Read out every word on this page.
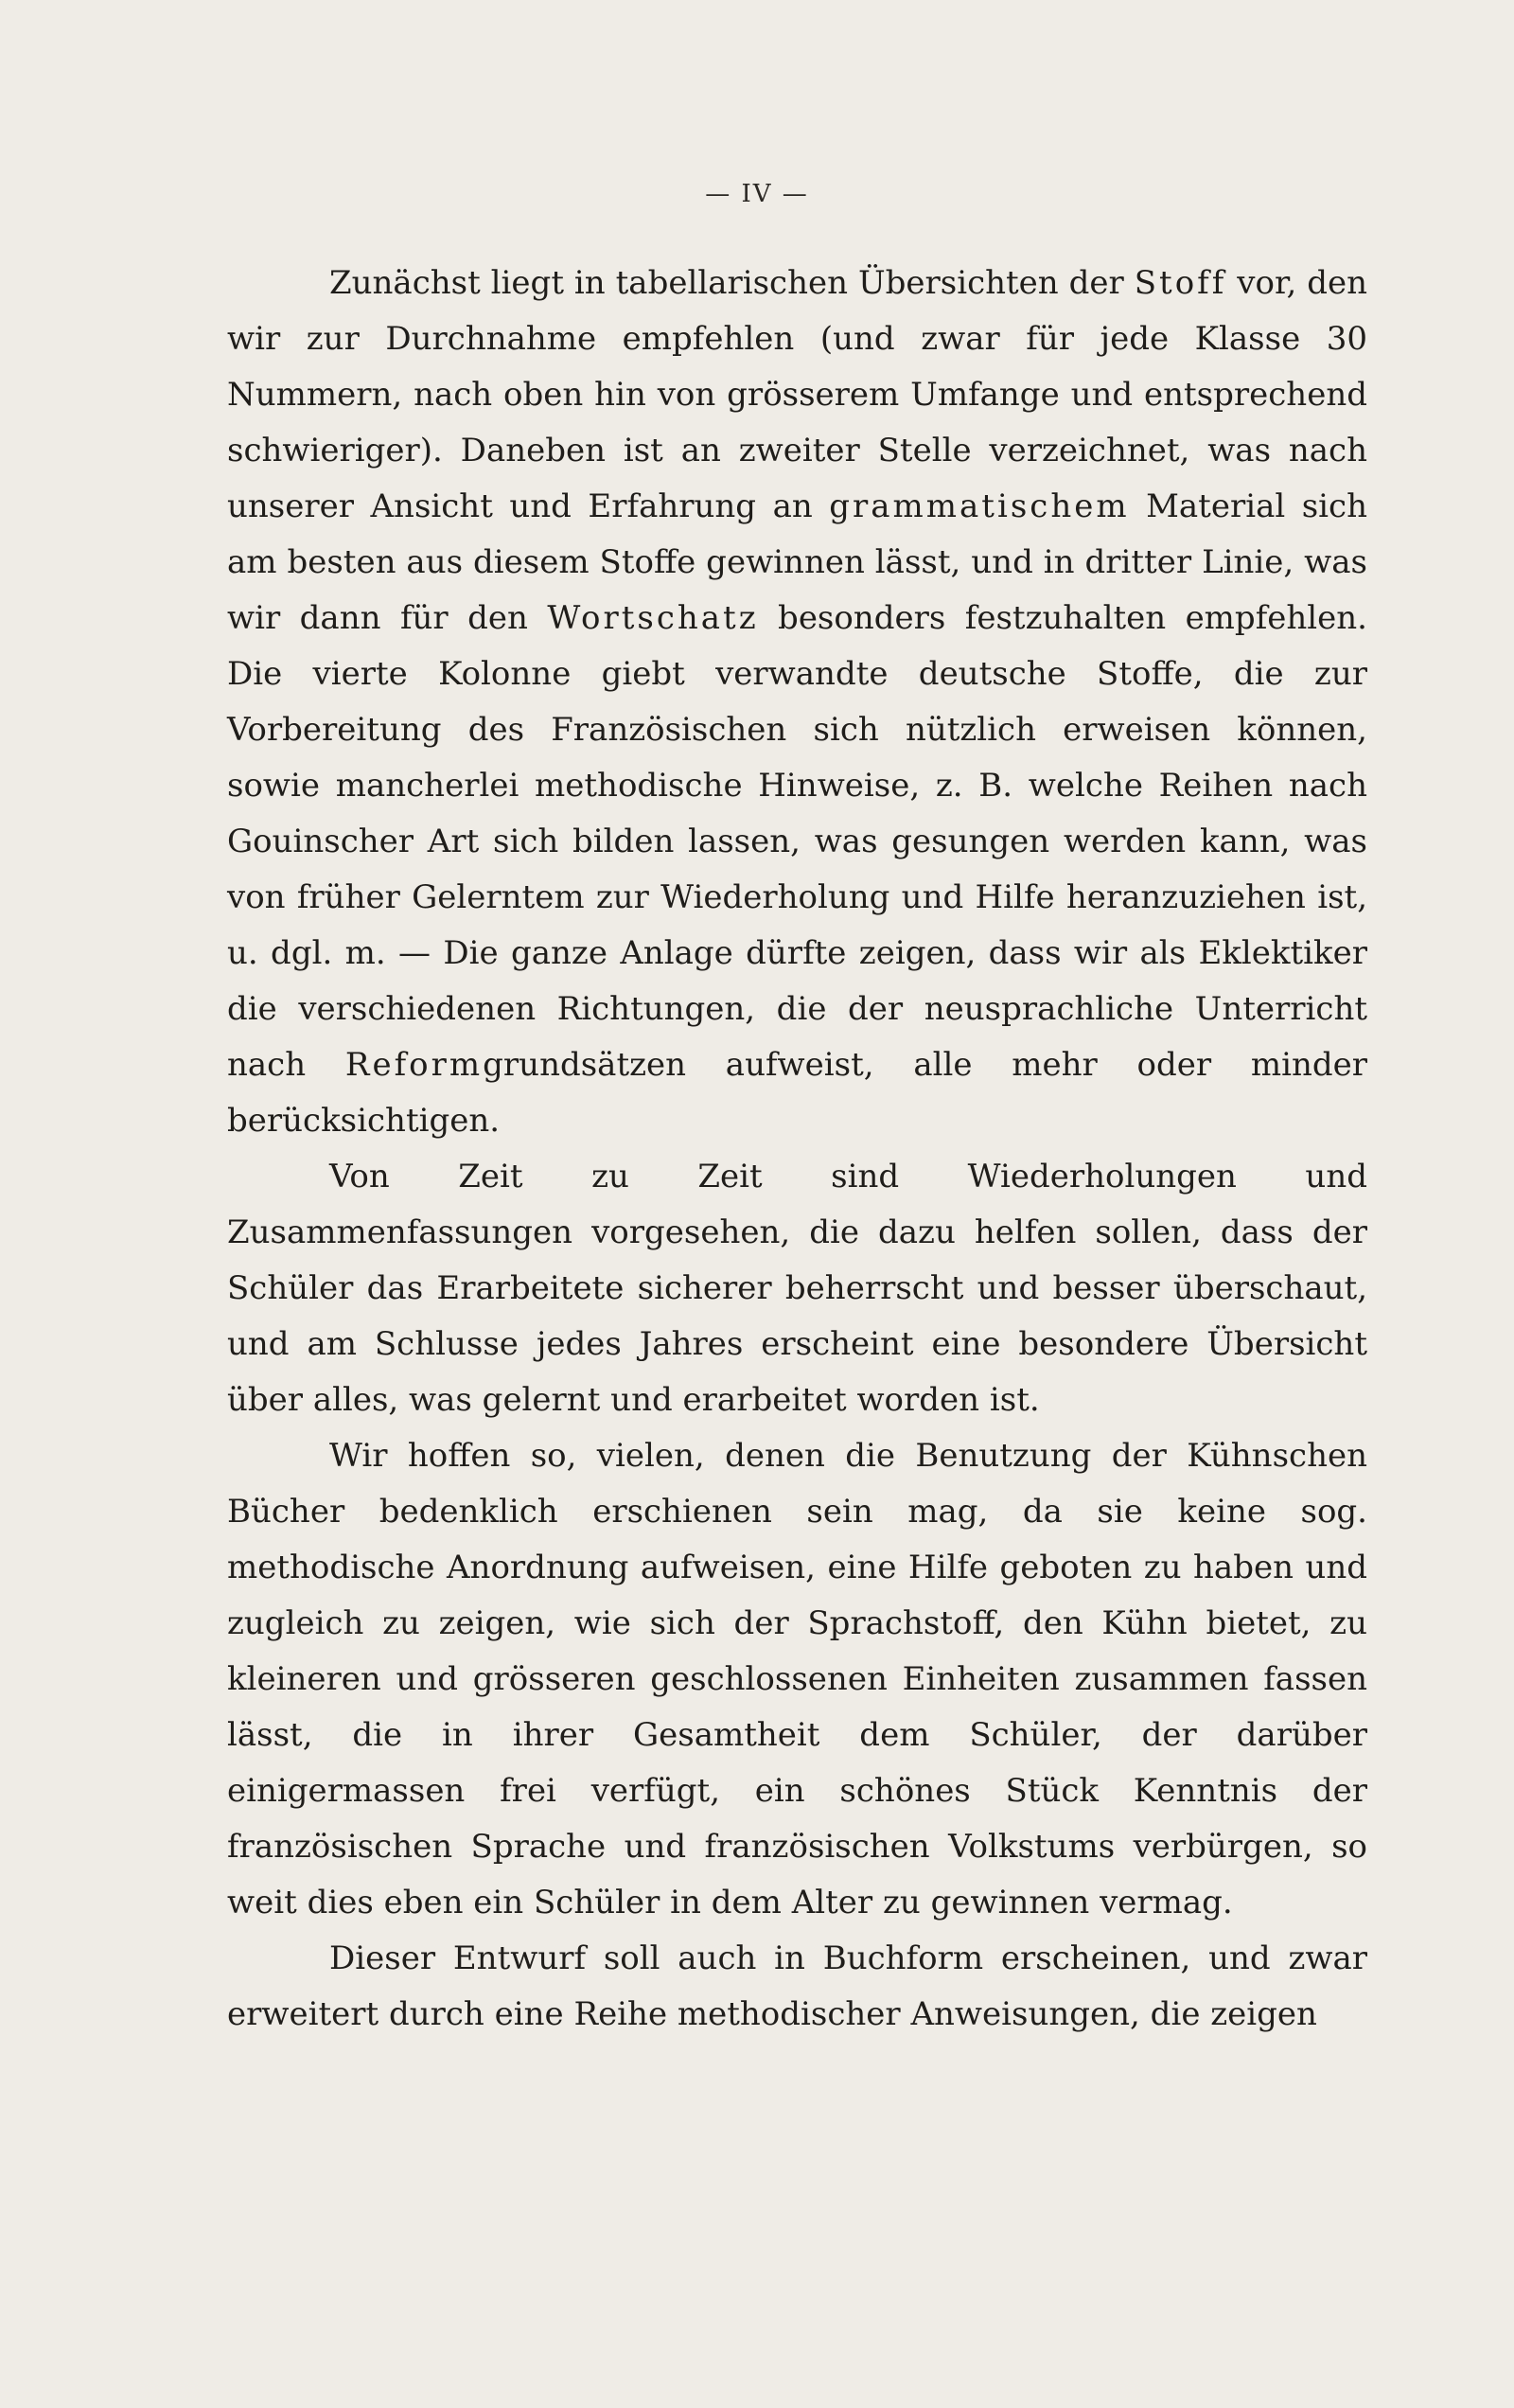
— IV —

Zunächst liegt in tabellarischen Übersichten der Stoff vor, den wir zur Durchnahme empfehlen (und zwar für jede Klasse 30 Nummern, nach oben hin von grösserem Umfange und entsprechend schwieriger). Daneben ist an zweiter Stelle verzeichnet, was nach unserer Ansicht und Erfahrung an grammatischem Material sich am besten aus diesem Stoffe gewinnen lässt, und in dritter Linie, was wir dann für den Wortschatz besonders festzuhalten empfehlen. Die vierte Kolonne giebt verwandte deutsche Stoffe, die zur Vorbereitung des Französischen sich nützlich erweisen können, sowie mancherlei methodische Hinweise, z. B. welche Reihen nach Gouinscher Art sich bilden lassen, was gesungen werden kann, was von früher Gelerntem zur Wiederholung und Hilfe heranzuziehen ist, u. dgl. m. — Die ganze Anlage dürfte zeigen, dass wir als Eklektiker die verschiedenen Richtungen, die der neusprachliche Unterricht nach Reformgrundsätzen aufweist, alle mehr oder minder berücksichtigen.

Von Zeit zu Zeit sind Wiederholungen und Zusammenfassungen vorgesehen, die dazu helfen sollen, dass der Schüler das Erarbeitete sicherer beherrscht und besser überschaut, und am Schlusse jedes Jahres erscheint eine besondere Übersicht über alles, was gelernt und erarbeitet worden ist.

Wir hoffen so, vielen, denen die Benutzung der Kühnschen Bücher bedenklich erschienen sein mag, da sie keine sog. methodische Anordnung aufweisen, eine Hilfe geboten zu haben und zugleich zu zeigen, wie sich der Sprachstoff, den Kühn bietet, zu kleineren und grösseren geschlossenen Einheiten zusammen fassen lässt, die in ihrer Gesamtheit dem Schüler, der darüber einigermassen frei verfügt, ein schönes Stück Kenntnis der französischen Sprache und französischen Volkstums verbürgen, so weit dies eben ein Schüler in dem Alter zu gewinnen vermag.

Dieser Entwurf soll auch in Buchform erscheinen, und zwar erweitert durch eine Reihe methodischer Anweisungen, die zeigen
